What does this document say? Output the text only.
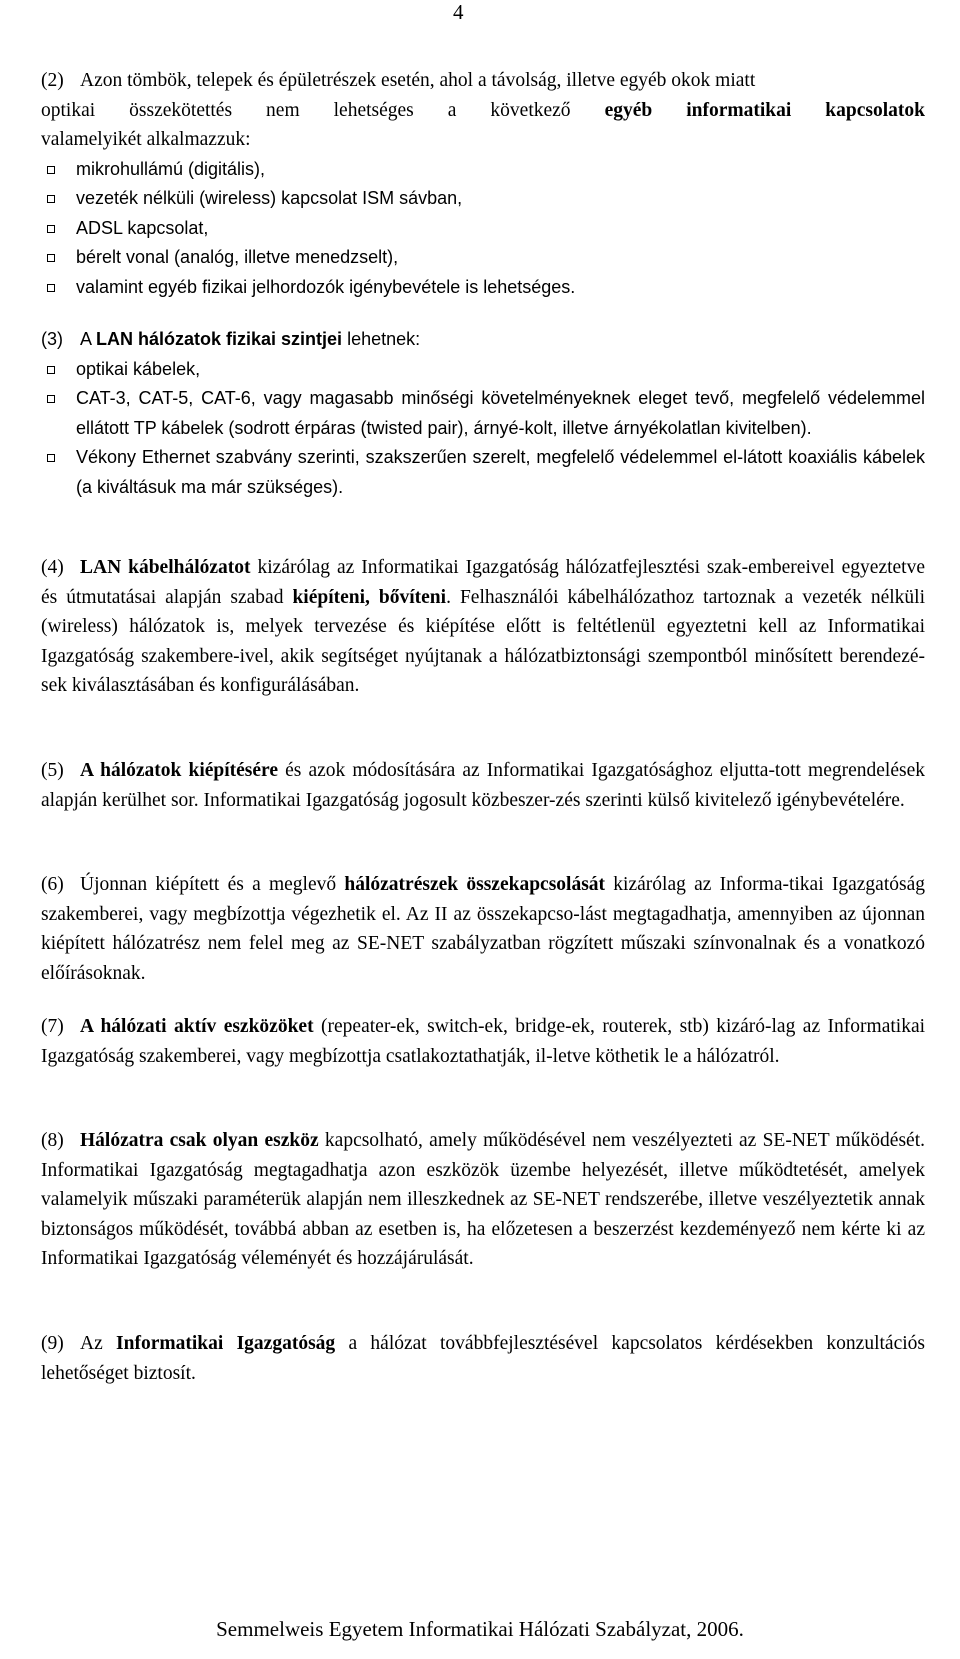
4
(2) Azon tömbök, telepek és épületrészek esetén, ahol a távolság, illetve egyéb okok miatt
optikai összekötettés nem lehetséges a következő egyéb informatikai kapcsolatok
valamelyikét alkalmazzuk:
mikrohullámú (digitális),
vezeték nélküli (wireless) kapcsolat ISM sávban,
ADSL kapcsolat,
bérelt vonal (analóg, illetve menedzselt),
valamint egyéb fizikai jelhordozók igénybevétele is lehetséges.
(3) A LAN hálózatok fizikai szintjei lehetnek:
optikai kábelek,
CAT-3, CAT-5, CAT-6, vagy magasabb minőségi követelményeknek eleget tevő, megfelelő védelemmel ellátott TP kábelek (sodrott érpáras (twisted pair), árnyé-kolt, illetve árnyékolatlan kivitelben).
Vékony Ethernet szabvány szerinti, szakszerűen szerelt, megfelelő védelemmel el-látott koaxiális kábelek (a kiváltásuk ma már szükséges).
(4) LAN kábelhálózatot kizárólag az Informatikai Igazgatóság hálózatfejlesztési szak-embereivel egyeztetve és útmutatásai alapján szabad kiépíteni, bővíteni. Felhasználói kábelhálózathoz tartoznak a vezeték nélküli (wireless) hálózatok is, melyek tervezése és kiépítése előtt is feltétlenül egyeztetni kell az Informatikai Igazgatóság szakembere-ivel, akik segítséget nyújtanak a hálózatbiztonsági szempontból minősített berendezé-sek kiválasztásában és konfigurálásában.
(5) A hálózatok kiépítésére és azok módosítására az Informatikai Igazgatósághoz eljutta-tott megrendelések alapján kerülhet sor. Informatikai Igazgatóság jogosult közbeszer-zés szerinti külső kivitelező igénybevételére.
(6) Újonnan kiépített és a meglevő hálózatrészek összekapcsolását kizárólag az Informa-tikai Igazgatóság szakemberei, vagy megbízottja végezhetik el. Az II az összekapcso-lást megtagadhatja, amennyiben az újonnan kiépített hálózatrész nem felel meg az SE-NET szabályzatban rögzített műszaki színvonalnak és a vonatkozó előírásoknak.
(7) A hálózati aktív eszközöket (repeater-ek, switch-ek, bridge-ek, routerek, stb) kizáró-lag az Informatikai Igazgatóság szakemberei, vagy megbízottja csatlakoztathatják, il-letve köthetik le a hálózatról.
(8) Hálózatra csak olyan eszköz kapcsolható, amely működésével nem veszélyezteti az SE-NET működését. Informatikai Igazgatóság megtagadhatja azon eszközök üzembe helyezését, illetve működtetését, amelyek valamelyik műszaki paraméterük alapján nem illeszkednek az SE-NET rendszerébe, illetve veszélyeztetik annak biztonságos működését, továbbá abban az esetben is, ha előzetesen a beszerzést kezdeményező nem kérte ki az Informatikai Igazgatóság véleményét és hozzájárulását.
(9) Az Informatikai Igazgatóság a hálózat továbbfejlesztésével kapcsolatos kérdésekben konzultációs lehetőséget biztosít.
Semmelweis Egyetem Informatikai Hálózati Szabályzat, 2006.
